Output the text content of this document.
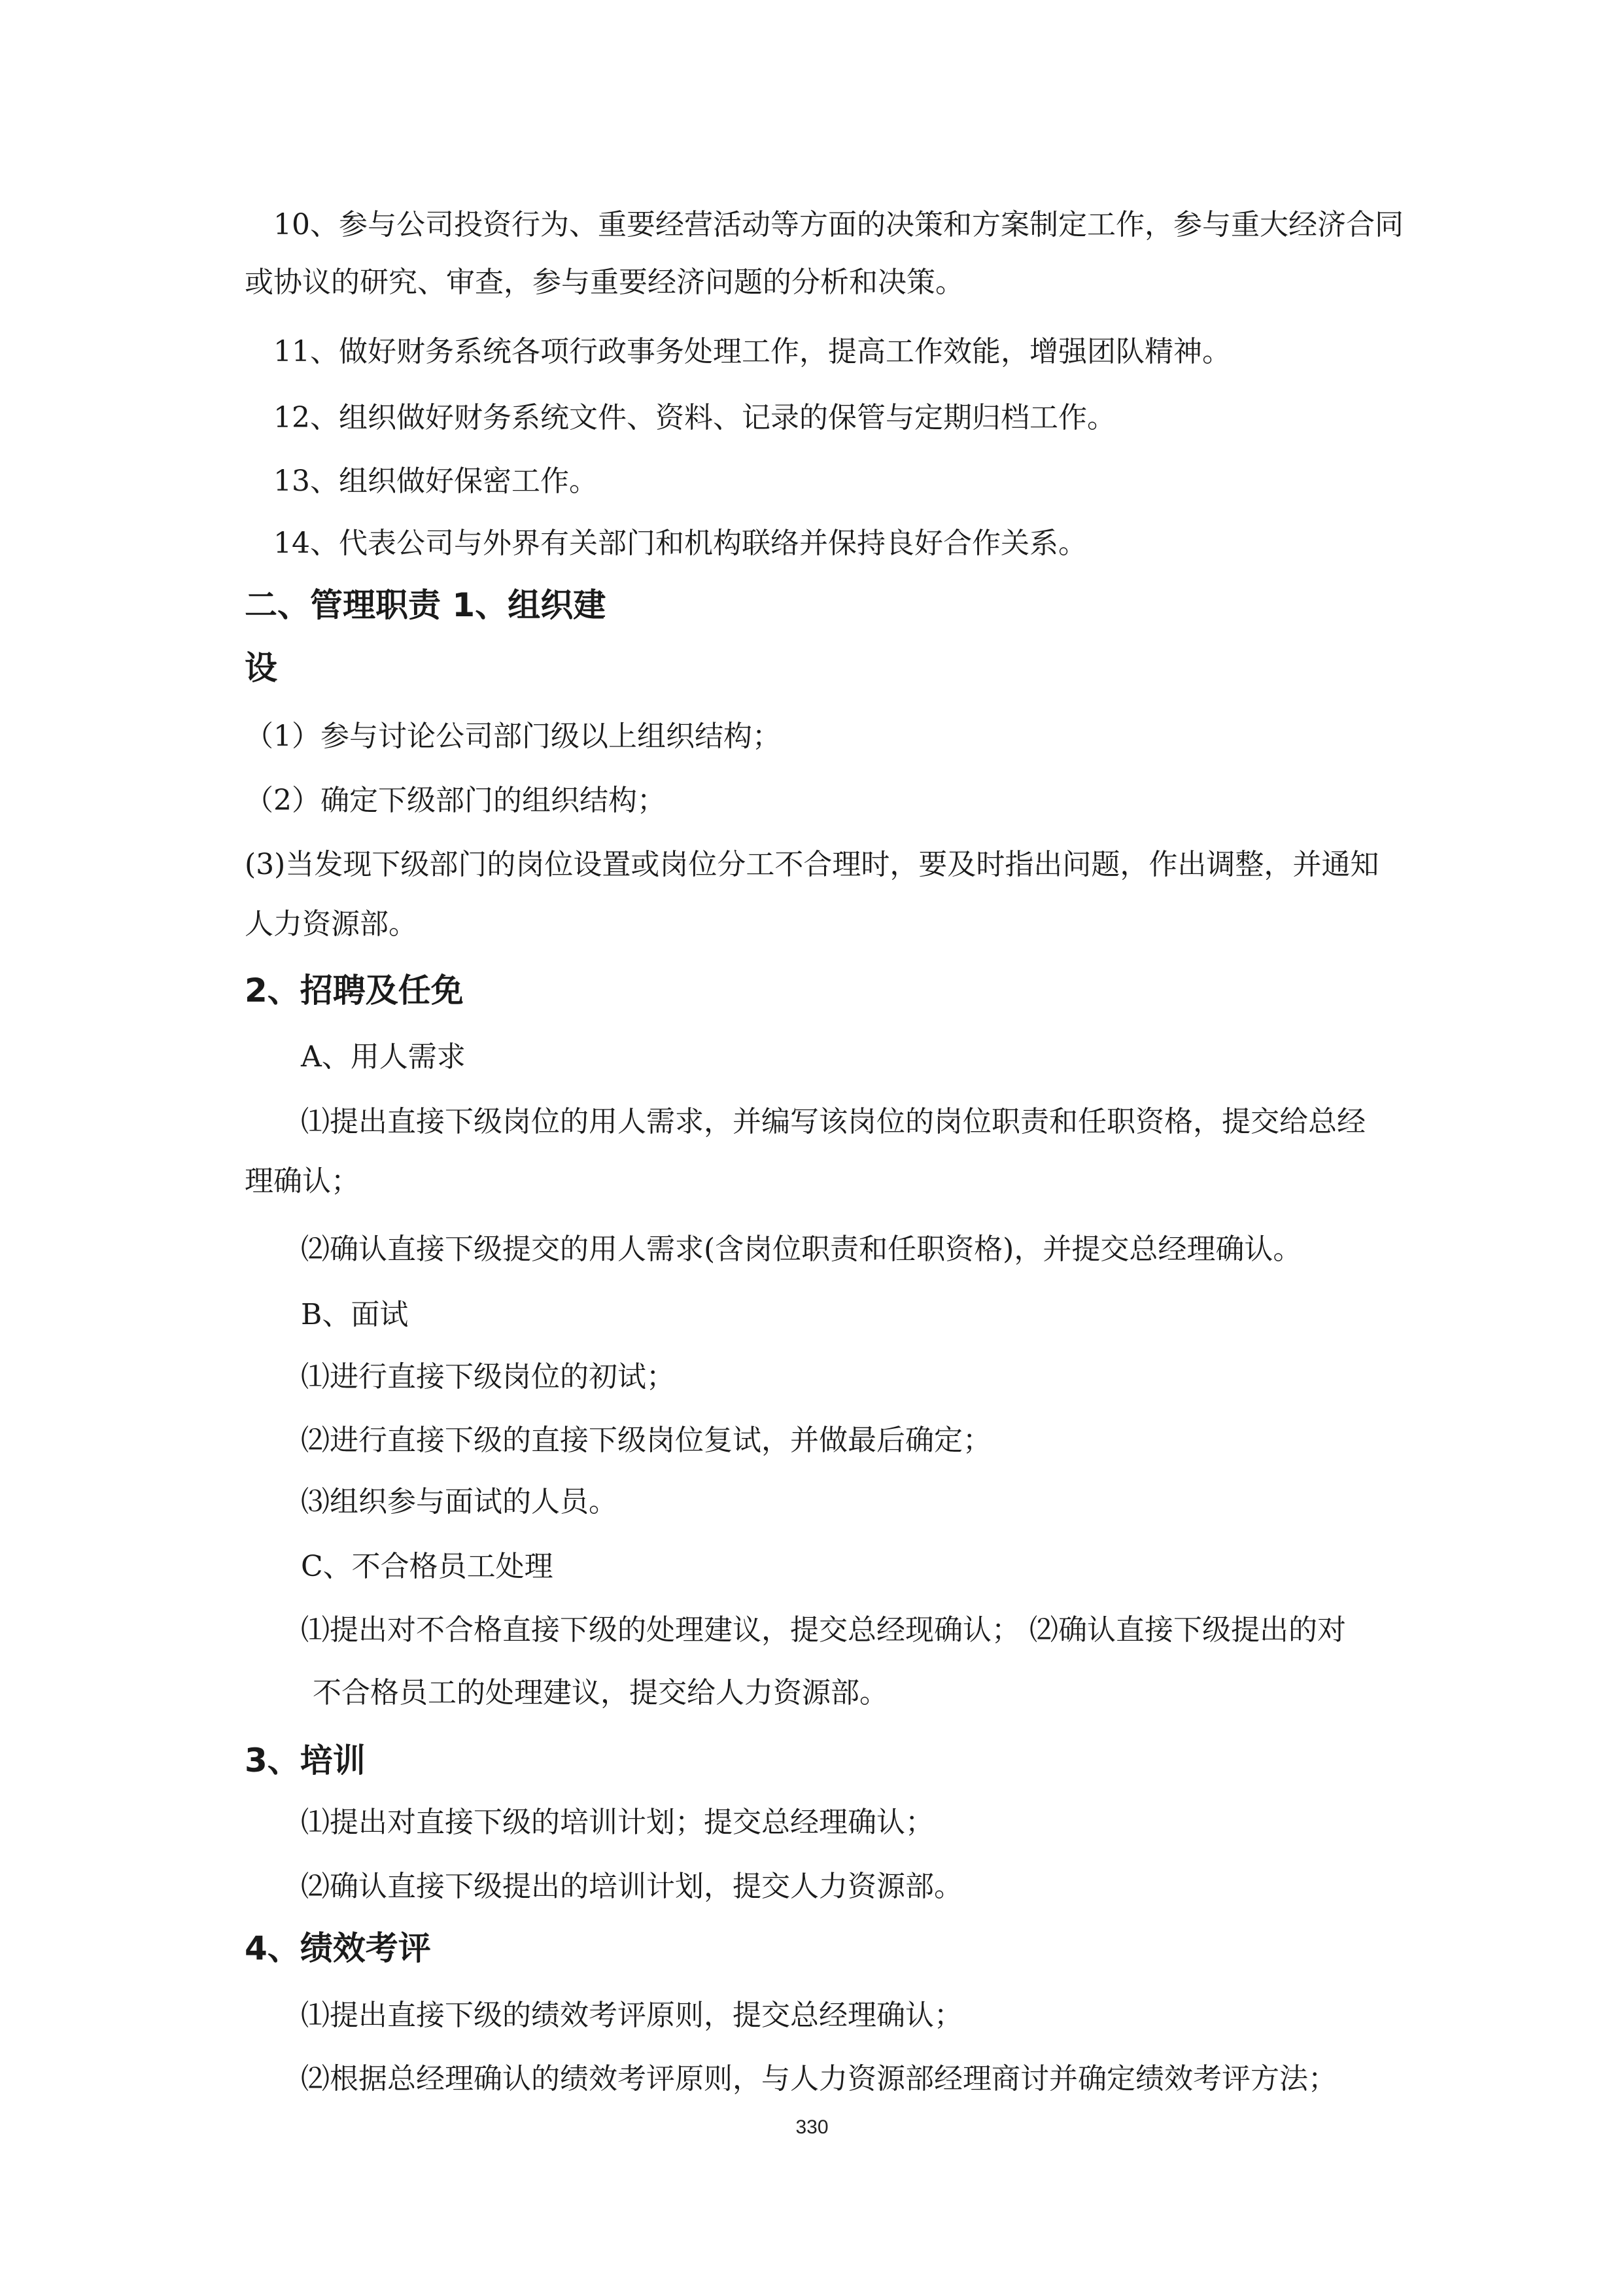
10、参与公司投资行为、重要经营活动等方面的决策和方案制定工作，参与重大经济合同
或协议的研究、审查，参与重要经济问题的分析和决策。
11、做好财务系统各项行政事务处理工作，提高工作效能，增强团队精神。
12、组织做好财务系统文件、资料、记录的保管与定期归档工作。
13、组织做好保密工作。
14、代表公司与外界有关部门和机构联络并保持良好合作关系。
二、管理职责 1、组织建
设
（1）参与讨论公司部门级以上组织结构；
（2）确定下级部门的组织结构；
(3)当发现下级部门的岗位设置或岗位分工不合理时，要及时指出问题，作出调整，并通知
人力资源部。
2、招聘及任免
A、用人需求
⑴提出直接下级岗位的用人需求，并编写该岗位的岗位职责和任职资格，提交给总经
理确认；
⑵确认直接下级提交的用人需求(含岗位职责和任职资格)，并提交总经理确认。
B、面试
⑴进行直接下级岗位的初试；
⑵进行直接下级的直接下级岗位复试，并做最后确定；
⑶组织参与面试的人员。
C、不合格员工处理
⑴提出对不合格直接下级的处理建议，提交总经现确认； ⑵确认直接下级提出的对
不合格员工的处理建议，提交给人力资源部。
3、培训
⑴提出对直接下级的培训计划；提交总经理确认；
⑵确认直接下级提出的培训计划，提交人力资源部。
4、绩效考评
⑴提出直接下级的绩效考评原则，提交总经理确认；
⑵根据总经理确认的绩效考评原则，与人力资源部经理商讨并确定绩效考评方法；
330
